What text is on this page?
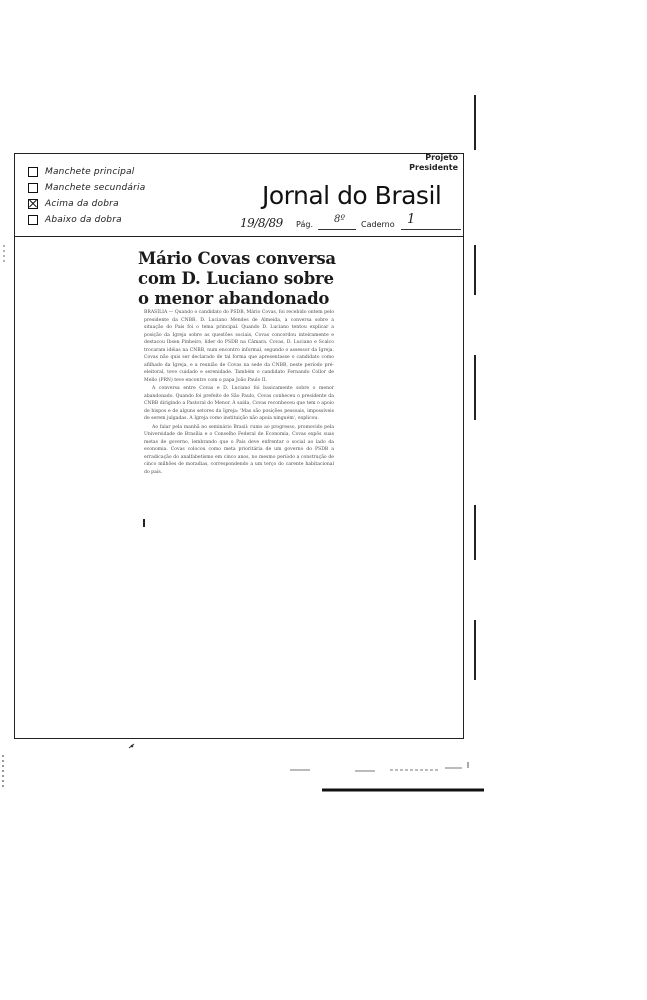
Manchete principal
Manchete secundária
Acima da dobra
Abaixo da dobra
Projeto
Presidente
Jornal do Brasil
19/8/89 Pág. 8º Caderno 1
Mário Covas conversa
com D. Luciano sobre
o menor abandonado

BRASÍLIA — Quando o candidato do PSDB, Mário Covas, foi recebido ontem pelo presidente da CNBB, D. Luciano Mendes de Almeida, a conversa sobre a situação do País foi o tema principal. Quando D. Luciano tentou explicar a posição da Igreja sobre as questões sociais, Covas concordou inteiramente e destacou Ibsen Pinheiro, líder do PSDB na Câmara. Covas, D. Luciano e Scalco trocaram idéias na CNBB, num encontro informal, segundo o assessor da Igreja. Covas não quis ser declarado de tal forma que apresentasse o candidato como afilhado da Igreja, e a reunião de Covas na sede da CNBB, neste período pré-eleitoral, teve cuidado e serenidade. Também o candidato Fernando Collor de Mello (PRN) teve encontro com o papa João Paulo II.

A conversa entre Covas e D. Luciano foi basicamente sobre o menor abandonado. Quando foi prefeito de São Paulo, Covas conheceu o presidente da CNBB dirigindo a Pastoral do Menor. À saída, Covas reconheceu que tem o apoio de bispos e de alguns setores da Igreja: 'Mas são posições pessoais, impossíveis de serem julgadas. A Igreja como instituição não apoia ninguém', explicou.

Ao falar pela manhã no seminário Brasil: rumo ao progresso, promovido pela Universidade de Brasília e o Conselho Federal de Economia, Covas expôs suas metas de governo, lembrando que o País deve enfrentar o social ao lado da economia. Covas colocou como meta prioritária de um governo do PSDB a erradicação do analfabetismo em cinco anos, no mesmo período a construção de cinco milhões de moradias, correspondendo a um terço do carente habitacional do país.
